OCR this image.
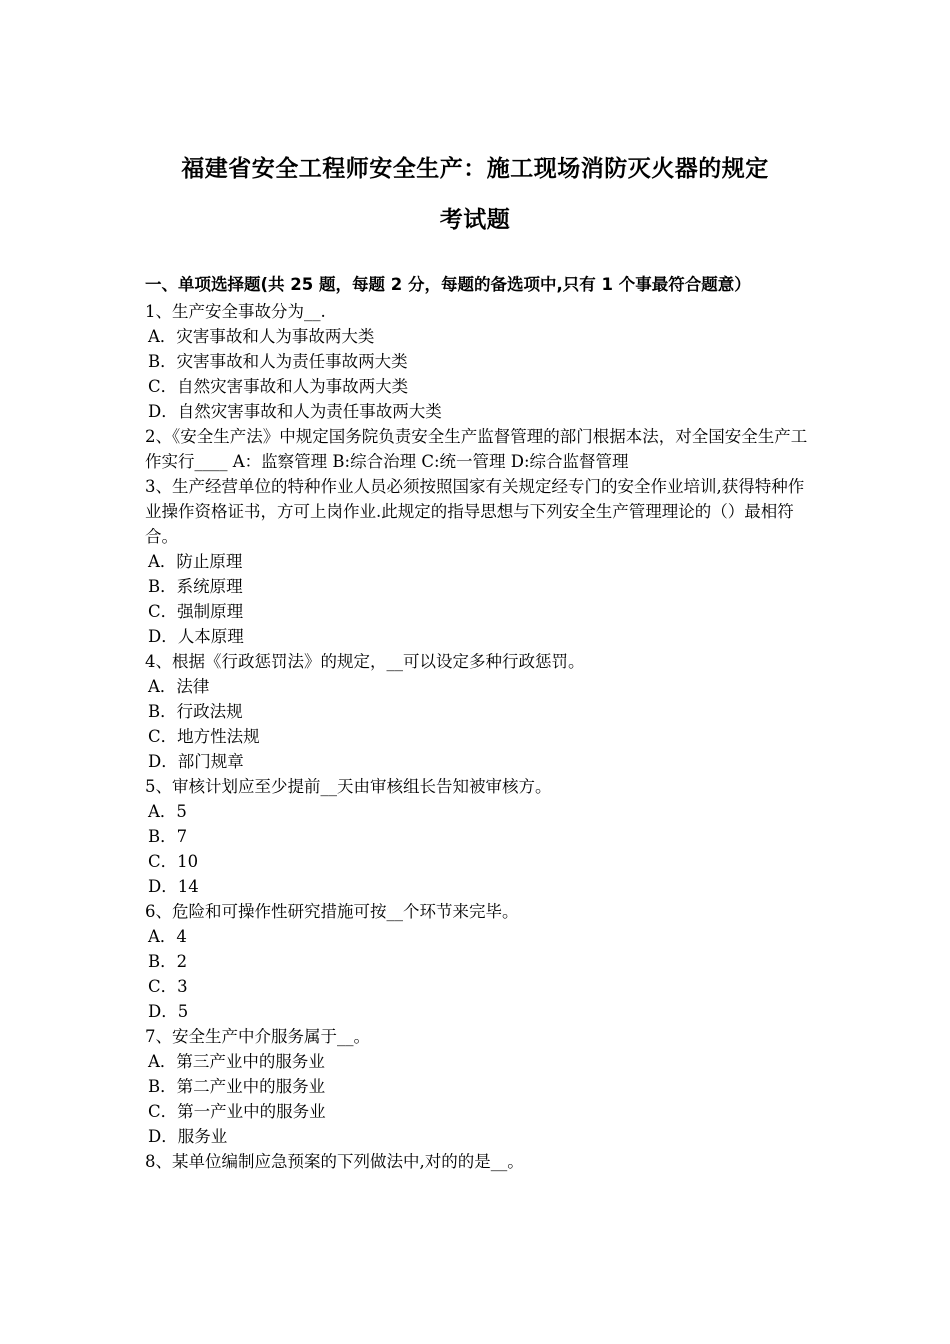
福建省安全工程师安全生产：施工现场消防灭火器的规定
考试题
一、单项选择题(共 25 题，每题 2 分，每题的备选项中,只有 1 个事最符合题意）
1、生产安全事故分为__.
A．灾害事故和人为事故两大类
B．灾害事故和人为责任事故两大类
C．自然灾害事故和人为事故两大类
D．自然灾害事故和人为责任事故两大类
2、《安全生产法》中规定国务院负责安全生产监督管理的部门根据本法，对全国安全生产工作实行____ A：监察管理 B:综合治理 C:统一管理 D:综合监督管理
3、生产经营单位的特种作业人员必须按照国家有关规定经专门的安全作业培训,获得特种作业操作资格证书，方可上岗作业.此规定的指导思想与下列安全生产管理理论的（）最相符合。
A．防止原理
B．系统原理
C．强制原理
D．人本原理
4、根据《行政惩罚法》的规定，__可以设定多种行政惩罚。
A．法律
B．行政法规
C．地方性法规
D．部门规章
5、审核计划应至少提前__天由审核组长告知被审核方。
A．5
B．7
C．10
D．14
6、危险和可操作性研究措施可按__个环节来完毕。
A．4
B．2
C．3
D．5
7、安全生产中介服务属于__。
A．第三产业中的服务业
B．第二产业中的服务业
C．第一产业中的服务业
D．服务业
8、某单位编制应急预案的下列做法中,对的的是__。
